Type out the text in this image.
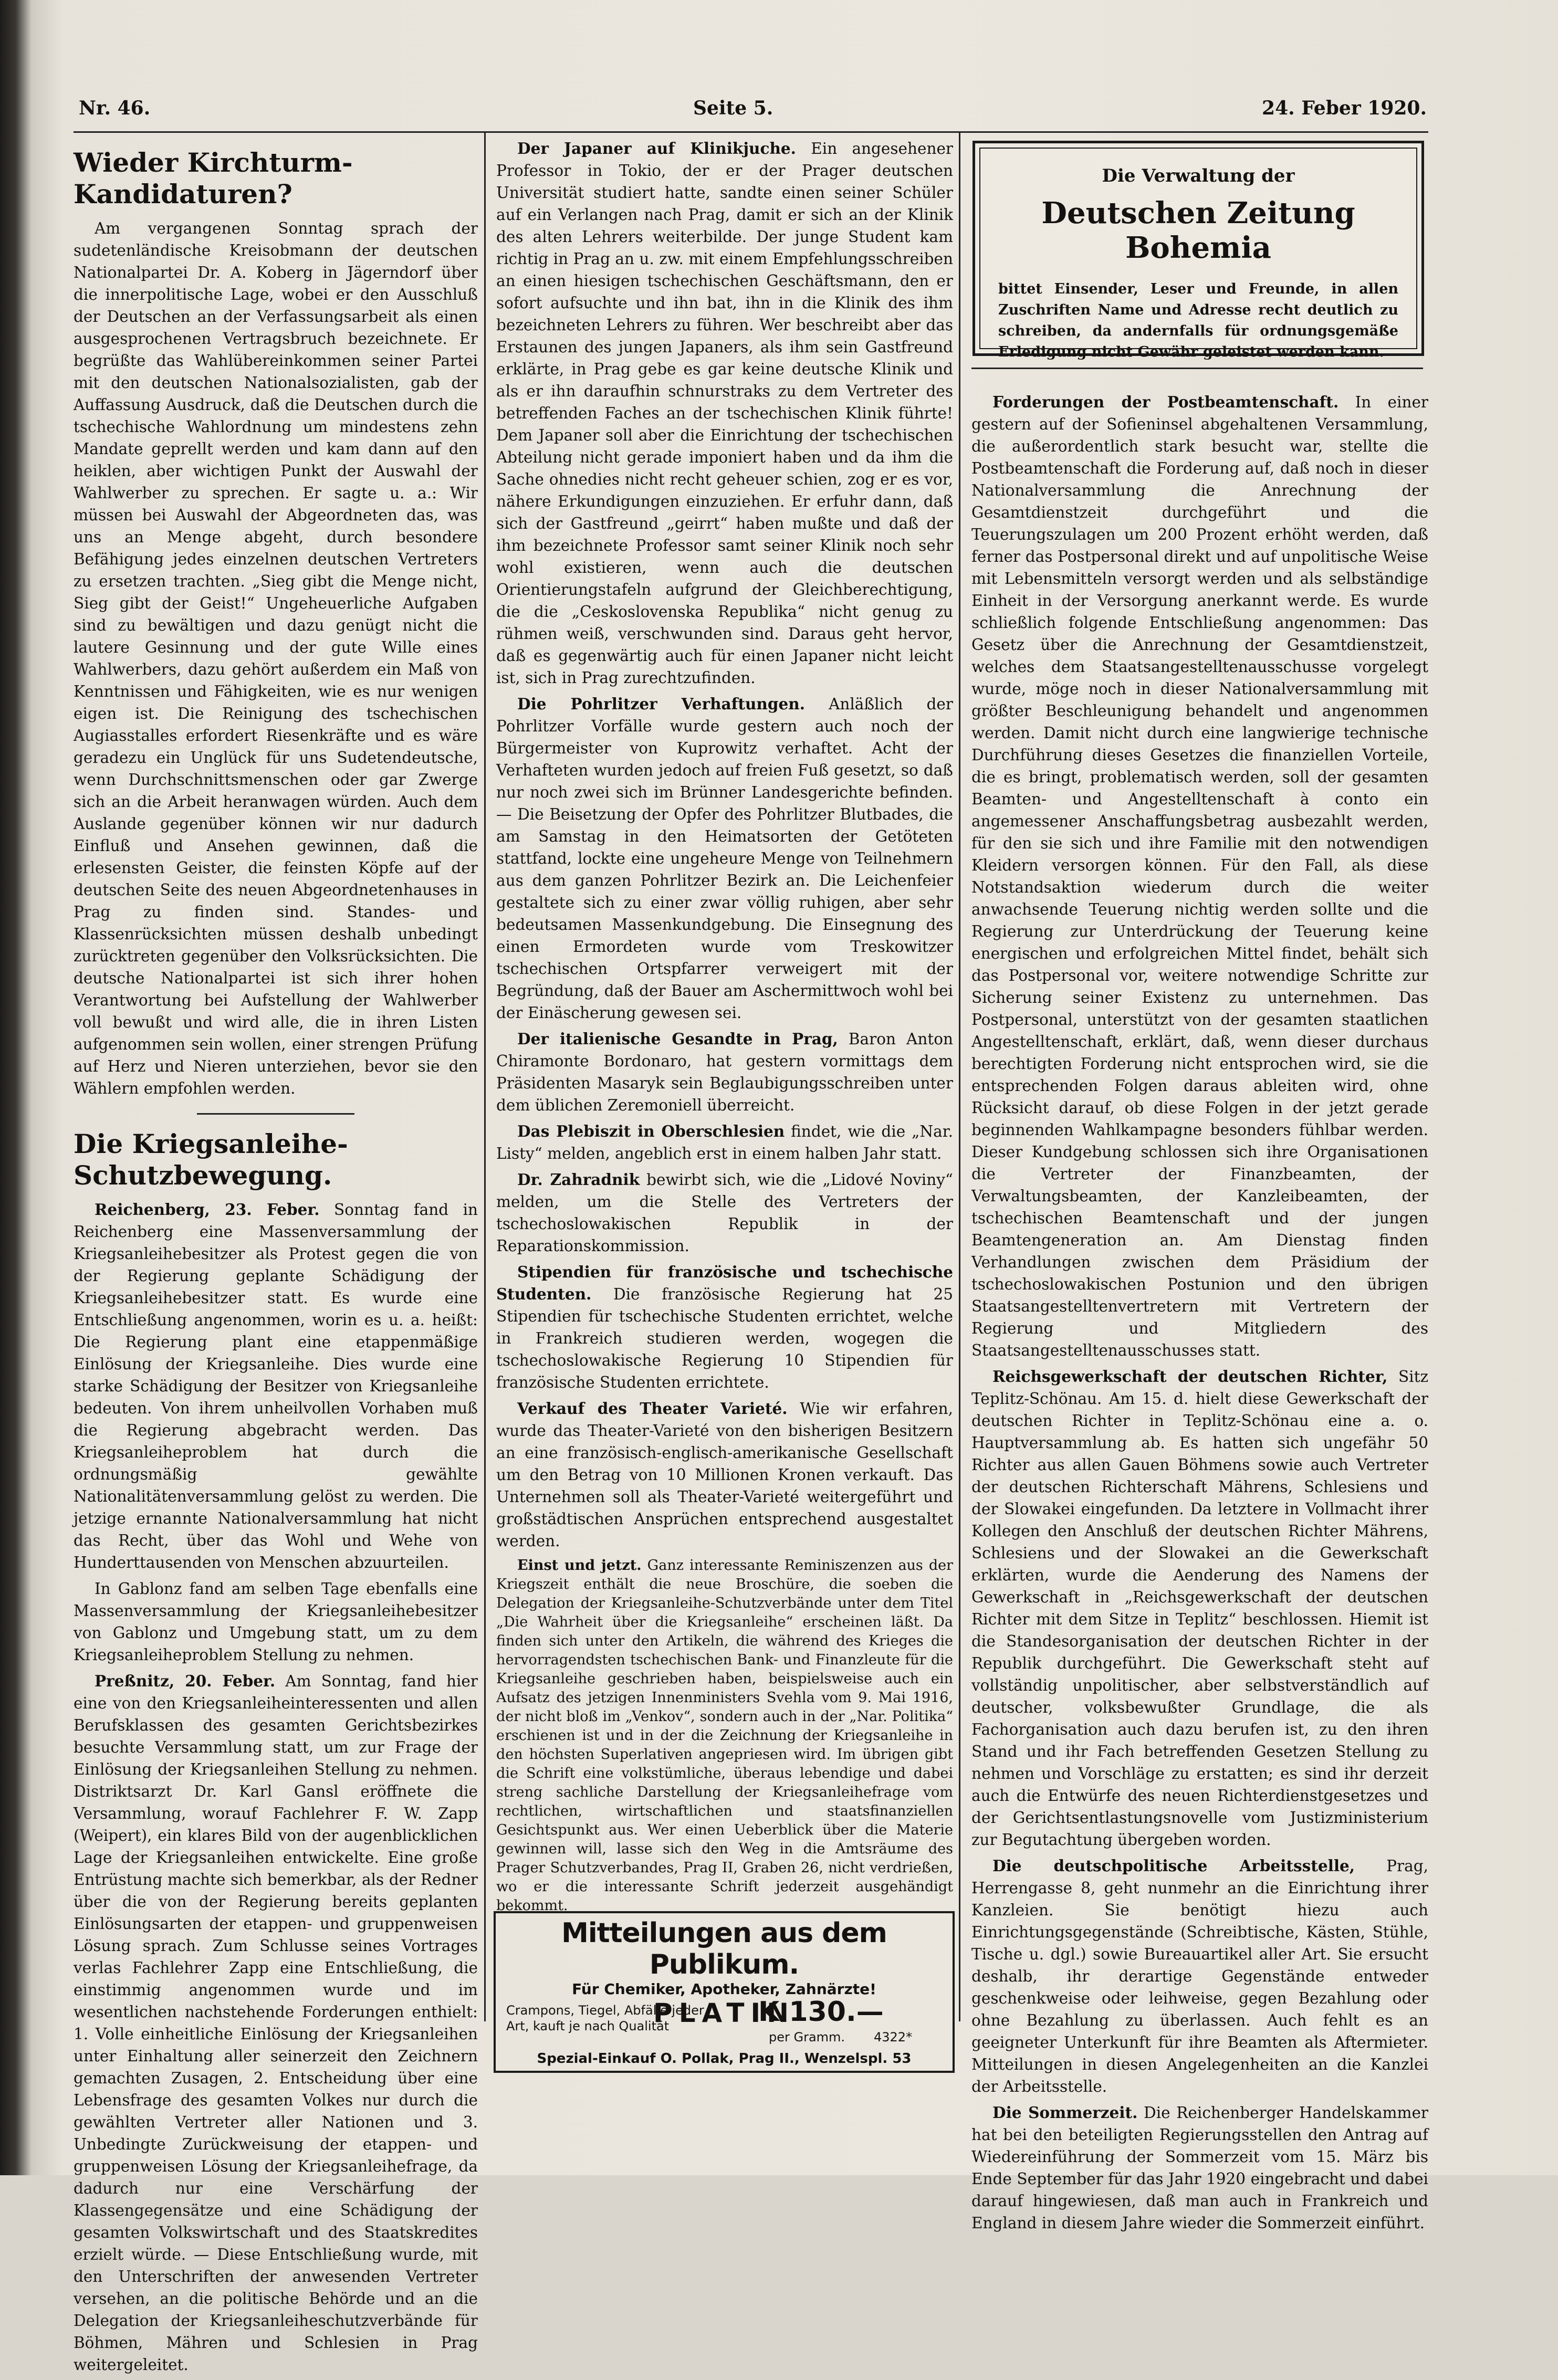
Nr. 46.	Seite 5.	24. Feber 1920.
Wieder Kirchturm-Kandidaturen?

Am vergangenen Sonntag sprach der sudetenländische Kreisobmann der deutschen Nationalpartei Dr. A. Koberg in Jägerndorf über die innerpolitische Lage, wobei er den Ausschluß der Deutschen an der Verfassungsarbeit als einen ausgesprochenen Vertragsbruch bezeichnete. Er begrüßte das Wahlübereinkommen seiner Partei mit den deutschen Nationalsozialisten, gab der Auffassung Ausdruck, daß die Deutschen durch die tschechische Wahlordnung um mindestens zehn Mandate geprellt werden und kam dann auf den heiklen, aber wichtigen Punkt der Auswahl der Wahlwerber zu sprechen. Er sagte u. a.: Wir müssen bei Auswahl der Abgeordneten das, was uns an Menge abgeht, durch besondere Befähigung jedes einzelnen deutschen Vertreters zu ersetzen trachten. „Sieg gibt die Menge nicht, Sieg gibt der Geist!“ Ungeheuerliche Aufgaben sind zu bewältigen und dazu genügt nicht die lautere Gesinnung und der gute Wille eines Wahlwerbers, dazu gehört außerdem ein Maß von Kenntnissen und Fähigkeiten, wie es nur wenigen eigen ist. Die Reinigung des tschechischen Augiasstalles erfordert Riesenkräfte und es wäre geradezu ein Unglück für uns Sudetendeutsche, wenn Durchschnittsmenschen oder gar Zwerge sich an die Arbeit heranwagen würden. Auch dem Auslande gegenüber können wir nur dadurch Einfluß und Ansehen gewinnen, daß die erlesensten Geister, die feinsten Köpfe auf der deutschen Seite des neuen Abgeordnetenhauses in Prag zu finden sind. Standes- und Klassenrücksichten müssen deshalb unbedingt zurücktreten gegenüber den Volksrücksichten. Die deutsche Nationalpartei ist sich ihrer hohen Verantwortung bei Aufstellung der Wahlwerber voll bewußt und wird alle, die in ihren Listen aufgenommen sein wollen, einer strengen Prüfung auf Herz und Nieren unterziehen, bevor sie den Wählern empfohlen werden.

Die Kriegsanleihe-Schutzbewegung.

Reichenberg, 23. Feber. Sonntag fand in Reichenberg eine Massenversammlung der Kriegsanleihebesitzer als Protest gegen die von der Regierung geplante Schädigung der Kriegsanleihebesitzer statt. Es wurde eine Entschließung angenommen, worin es u. a. heißt: Die Regierung plant eine etappenmäßige Einlösung der Kriegsanleihe. Dies wurde eine starke Schädigung der Besitzer von Kriegsanleihe bedeuten. Von ihrem unheilvollen Vorhaben muß die Regierung abgebracht werden. Das Kriegsanleiheproblem hat durch die ordnungsmäßig gewählte Nationalitätenversammlung gelöst zu werden. Die jetzige ernannte Nationalversammlung hat nicht das Recht, über das Wohl und Wehe von Hunderttausenden von Menschen abzuurteilen.

In Gablonz fand am selben Tage ebenfalls eine Massenversammlung der Kriegsanleihebesitzer von Gablonz und Umgebung statt, um zu dem Kriegsanleiheproblem Stellung zu nehmen.

Preßnitz, 20. Feber. Am Sonntag, fand hier eine von den Kriegsanleiheinteressenten und allen Berufsklassen des gesamten Gerichtsbezirkes besuchte Versammlung statt, um zur Frage der Einlösung der Kriegsanleihen Stellung zu nehmen. Distriktsarzt Dr. Karl Gansl eröffnete die Versammlung, worauf Fachlehrer F. W. Zapp (Weipert), ein klares Bild von der augenblicklichen Lage der Kriegsanleihen entwickelte. Eine große Entrüstung machte sich bemerkbar, als der Redner über die von der Regierung bereits geplanten Einlösungsarten der etappen- und gruppenweisen Lösung sprach. Zum Schlusse seines Vortrages verlas Fachlehrer Zapp eine Entschließung, die einstimmig angenommen wurde und im wesentlichen nachstehende Forderungen enthielt: 1. Volle einheitliche Einlösung der Kriegsanleihen unter Einhaltung aller seinerzeit den Zeichnern gemachten Zusagen, 2. Entscheidung über eine Lebensfrage des gesamten Volkes nur durch die gewählten Vertreter aller Nationen und 3. Unbedingte Zurückweisung der etappen- und gruppenweisen Lösung der Kriegsanleihefrage, da dadurch nur eine Verschärfung der Klassengegensätze und eine Schädigung der gesamten Volkswirtschaft und des Staatskredites erzielt würde. — Diese Entschließung wurde, mit den Unterschriften der anwesenden Vertreter versehen, an die politische Behörde und an die Delegation der Kriegsanleiheschutzverbände für Böhmen, Mähren und Schlesien in Prag weitergeleitet.

Der Japaner auf Klinikjuche. Ein angesehener Professor in Tokio, der er der Prager deutschen Universität studiert hatte, sandte einen seiner Schüler auf ein Verlangen nach Prag, damit er sich an der Klinik des alten Lehrers weiterbilde. Der junge Student kam richtig in Prag an u. zw. mit einem Empfehlungsschreiben an einen hiesigen tschechischen Geschäftsmann, den er sofort aufsuchte und ihn bat, ihn in die Klinik des ihm bezeichneten Lehrers zu führen. Wer beschreibt aber das Erstaunen des jungen Japaners, als ihm sein Gastfreund erklärte, in Prag gebe es gar keine deutsche Klinik und als er ihn daraufhin schnurstraks zu dem Vertreter des betreffenden Faches an der tschechischen Klinik führte! Dem Japaner soll aber die Einrichtung der tschechischen Abteilung nicht gerade imponiert haben und da ihm die Sache ohnedies nicht recht geheuer schien, zog er es vor, nähere Erkundigungen einzuziehen. Er erfuhr dann, daß sich der Gastfreund „geirrt“ haben mußte und daß der ihm bezeichnete Professor samt seiner Klinik noch sehr wohl existieren, wenn auch die deutschen Orientierungstafeln aufgrund der Gleichberechtigung, die die „Ceskoslovenska Republika“ nicht genug zu rühmen weiß, verschwunden sind. Daraus geht hervor, daß es gegenwärtig auch für einen Japaner nicht leicht ist, sich in Prag zurechtzufinden.

Die Pohrlitzer Verhaftungen. Anläßlich der Pohrlitzer Vorfälle wurde gestern auch noch der Bürgermeister von Kuprowitz verhaftet. Acht der Verhafteten wurden jedoch auf freien Fuß gesetzt, so daß nur noch zwei sich im Brünner Landesgerichte befinden. — Die Beisetzung der Opfer des Pohrlitzer Blutbades, die am Samstag in den Heimatsorten der Getöteten stattfand, lockte eine ungeheure Menge von Teilnehmern aus dem ganzen Pohrlitzer Bezirk an. Die Leichenfeier gestaltete sich zu einer zwar völlig ruhigen, aber sehr bedeutsamen Massenkundgebung. Die Einsegnung des einen Ermordeten wurde vom Treskowitzer tschechischen Ortspfarrer verweigert mit der Begründung, daß der Bauer am Aschermittwoch wohl bei der Einäscherung gewesen sei.

Der italienische Gesandte in Prag, Baron Anton Chiramonte Bordonaro, hat gestern vormittags dem Präsidenten Masaryk sein Beglaubigungsschreiben unter dem üblichen Zeremoniell überreicht.

Das Plebiszit in Oberschlesien findet, wie die „Nar. Listy“ melden, angeblich erst in einem halben Jahr statt.

Dr. Zahradnik bewirbt sich, wie die „Lidové Noviny“ melden, um die Stelle des Vertreters der tschechoslowakischen Republik in der Reparationskommission.

Stipendien für französische und tschechische Studenten. Die französische Regierung hat 25 Stipendien für tschechische Studenten errichtet, welche in Frankreich studieren werden, wogegen die tschechoslowakische Regierung 10 Stipendien für französische Studenten errichtete.

Verkauf des Theater Varieté. Wie wir erfahren, wurde das Theater-Varieté von den bisherigen Besitzern an eine französisch-englisch-amerikanische Gesellschaft um den Betrag von 10 Millionen Kronen verkauft. Das Unternehmen soll als Theater-Varieté weitergeführt und großstädtischen Ansprüchen entsprechend ausgestaltet werden.

Einst und jetzt. Ganz interessante Reminiszenzen aus der Kriegszeit enthält die neue Broschüre, die soeben die Delegation der Kriegsanleihe-Schutzverbände unter dem Titel „Die Wahrheit über die Kriegsanleihe“ erscheinen läßt. Da finden sich unter den Artikeln, die während des Krieges die hervorragendsten tschechischen Bank- und Finanzleute für die Kriegsanleihe geschrieben haben, beispielsweise auch ein Aufsatz des jetzigen Innenministers Svehla vom 9. Mai 1916, der nicht bloß im „Venkov“, sondern auch in der „Nar. Politika“ erschienen ist und in der die Zeichnung der Kriegsanleihe in den höchsten Superlativen angepriesen wird. Im übrigen gibt die Schrift eine volkstümliche, überaus lebendige und dabei streng sachliche Darstellung der Kriegsanleihefrage vom rechtlichen, wirtschaftlichen und staatsfinanziellen Gesichtspunkt aus. Wer einen Ueberblick über die Materie gewinnen will, lasse sich den Weg in die Amtsräume des Prager Schutzverbandes, Prag II, Graben 26, nicht verdrießen, wo er die interessante Schrift jederzeit ausgehändigt bekommt.

Mitteilungen aus dem Publikum.
Für Chemiker, Apotheker, Zahnärzte!
PLATIN
Crampons, Tiegel, Abfälle jeder Art, kauft je nach Qualität	K 130.—
per Gramm. 4322*
Spezial-Einkauf O. Pollak, Prag II., Wenzelspl. 53
Die Verwaltung der
Deutschen Zeitung Bohemia
bittet Einsender, Leser und Freunde, in allen Zuschriften Name und Adresse recht deutlich zu schreiben, da andernfalls für ordnungsgemäße Erledigung nicht Gewähr geleistet werden kann.

Forderungen der Postbeamtenschaft. In einer gestern auf der Sofieninsel abgehaltenen Versammlung, die außerordentlich stark besucht war, stellte die Postbeamtenschaft die Forderung auf, daß noch in dieser Nationalversammlung die Anrechnung der Gesamtdienstzeit durchgeführt und die Teuerungszulagen um 200 Prozent erhöht werden, daß ferner das Postpersonal direkt und auf unpolitische Weise mit Lebensmitteln versorgt werden und als selbständige Einheit in der Versorgung anerkannt werde. Es wurde schließlich folgende Entschließung angenommen: Das Gesetz über die Anrechnung der Gesamtdienstzeit, welches dem Staatsangestelltenausschusse vorgelegt wurde, möge noch in dieser Nationalversammlung mit größter Beschleunigung behandelt und angenommen werden. Damit nicht durch eine langwierige technische Durchführung dieses Gesetzes die finanziellen Vorteile, die es bringt, problematisch werden, soll der gesamten Beamten- und Angestelltenschaft à conto ein angemessener Anschaffungsbetrag ausbezahlt werden, für den sie sich und ihre Familie mit den notwendigen Kleidern versorgen können. Für den Fall, als diese Notstandsaktion wiederum durch die weiter anwachsende Teuerung nichtig werden sollte und die Regierung zur Unterdrückung der Teuerung keine energischen und erfolgreichen Mittel findet, behält sich das Postpersonal vor, weitere notwendige Schritte zur Sicherung seiner Existenz zu unternehmen. Das Postpersonal, unterstützt von der gesamten staatlichen Angestelltenschaft, erklärt, daß, wenn dieser durchaus berechtigten Forderung nicht entsprochen wird, sie die entsprechenden Folgen daraus ableiten wird, ohne Rücksicht darauf, ob diese Folgen in der jetzt gerade beginnenden Wahlkampagne besonders fühlbar werden. Dieser Kundgebung schlossen sich ihre Organisationen die Vertreter der Finanzbeamten, der Verwaltungsbeamten, der Kanzleibeamten, der tschechischen Beamtenschaft und der jungen Beamtengeneration an. Am Dienstag finden Verhandlungen zwischen dem Präsidium der tschechoslowakischen Postunion und den übrigen Staatsangestelltenvertretern mit Vertretern der Regierung und Mitgliedern des Staatsangestelltenausschusses statt.

Reichsgewerkschaft der deutschen Richter, Sitz Teplitz-Schönau. Am 15. d. hielt diese Gewerkschaft der deutschen Richter in Teplitz-Schönau eine a. o. Hauptversammlung ab. Es hatten sich ungefähr 50 Richter aus allen Gauen Böhmens sowie auch Vertreter der deutschen Richterschaft Mährens, Schlesiens und der Slowakei eingefunden. Da letztere in Vollmacht ihrer Kollegen den Anschluß der deutschen Richter Mährens, Schlesiens und der Slowakei an die Gewerkschaft erklärten, wurde die Aenderung des Namens der Gewerkschaft in „Reichsgewerkschaft der deutschen Richter mit dem Sitze in Teplitz“ beschlossen. Hiemit ist die Standesorganisation der deutschen Richter in der Republik durchgeführt. Die Gewerkschaft steht auf vollständig unpolitischer, aber selbstverständlich auf deutscher, volksbewußter Grundlage, die als Fachorganisation auch dazu berufen ist, zu den ihren Stand und ihr Fach betreffenden Gesetzen Stellung zu nehmen und Vorschläge zu erstatten; es sind ihr derzeit auch die Entwürfe des neuen Richterdienstgesetzes und der Gerichtsentlastungsnovelle vom Justizministerium zur Begutachtung übergeben worden.

Die deutschpolitische Arbeitsstelle, Prag, Herrengasse 8, geht nunmehr an die Einrichtung ihrer Kanzleien. Sie benötigt hiezu auch Einrichtungsgegenstände (Schreibtische, Kästen, Stühle, Tische u. dgl.) sowie Bureauartikel aller Art. Sie ersucht deshalb, ihr derartige Gegenstände entweder geschenkweise oder leihweise, gegen Bezahlung oder ohne Bezahlung zu überlassen. Auch fehlt es an geeigneter Unterkunft für ihre Beamten als Aftermieter. Mitteilungen in diesen Angelegenheiten an die Kanzlei der Arbeitsstelle.

Die Sommerzeit. Die Reichenberger Handelskammer hat bei den beteiligten Regierungsstellen den Antrag auf Wiedereinführung der Sommerzeit vom 15. März bis Ende September für das Jahr 1920 eingebracht und dabei darauf hingewiesen, daß man auch in Frankreich und England in diesem Jahre wieder die Sommerzeit einführt.
